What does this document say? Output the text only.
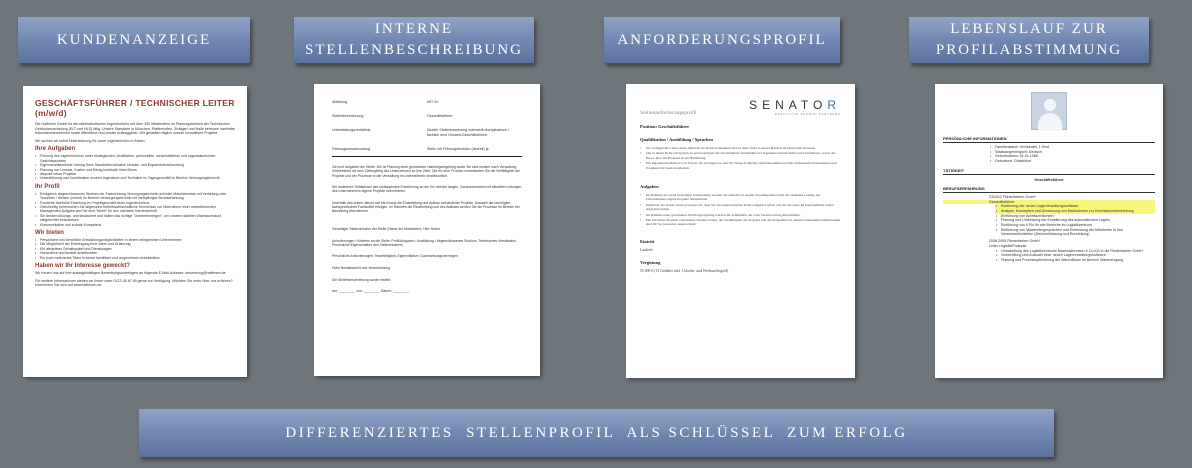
KUNDENANZEIGE
INTERNE
STELLENBESCHREIBUNG
ANFORDERUNGSPROFIL
LEBENSLAUF ZUR
PROFILABSTIMMUNG
GESCHÄFTSFÜHRER / TECHNISCHER LEITER (m/w/d)
Die Haftenen GmbH ist als mittelständisches Ingenieurbüro mit über 250 Mitarbeitern im Planungsbereich der Technischen Gebäudeausrüstung (ELT und HLS) tätig. Unsere Standorte in München, Pfaffenhofen, Stuttgart und Halle betreuen namhafte Industrieunternehmen sowie öffentliche und private Auftraggeber. Wir gestalten täglich unsere innovativen Projekte.
Wir suchen ab sofort Unterstützung für unser Ingenieurbüro in Essen.
Ihre Aufgaben
• Führung des Ingenieurbüros unter strategischen, inhaltlichen, personellen, wirtschaftlichen und organisatorischen Gesichtspunkten
• Eigenverantwortliche Leitung Ihres Standortes inklusive Umsatz- und Ergebnisverantwortung
• Planung von Umsatz, Kosten und Ertrag innerhalb Ihres Büros
• Akquise neuer Projekte
• Unterstützung und Koordination unserer Ingenieure und Techniker im Tagesgeschäft im Bereich Versorgungstechnik
Ihr Profil
• Erfolgreich abgeschlossenes Studium der Fachrichtung Versorgungstechnik und/oder Maschinenbau mit Vertiefung oder Techniker / Meister (m/w/d) im Bereich Versorgungstechnik mit mehrjähriger Berufserfahrung
• Fundierte fachliche Erfahrung im Projektgeschäft eines Ingenieurbüros
• Gleichzeitig beherrschen Sie allgemeine betriebswirtschaftliche Kenntnisse zur Übernahme einer weiterführenden Management-Aufgabe und Sie sind "bereit" für den nächsten Karriereschritt
• Sie denken lösungs- und strukturiert und haben das richtige "Unternehmergen", um unseren stabilen Wachstumskurs zielgerichtet fortzusetzen
• Kommunikative und soziale Kompetenz
Wir bieten
• Persönliche und berufliche Entwicklungsmöglichkeiten in einem erfolgreichen Unternehmen
• Die Möglichkeit der Einbringung Ihrer Ideen und Erfahrung
• Ein attraktives Gehaltspaket und Dienstwagen
• Homeoffice und flexible Arbeitszeiten
• Ein hoch motiviertes Team in einem familiären und angenehmen Arbeitsklima
Haben wir Ihr Interesse geweckt?
Wir freuen uns auf Ihre aussagekräftigen Bewerbungsunterlagen an folgende E-Mail-Adresse: bewerbung@haftenen.de
Für weitere Informationen stehen wir Ihnen unter 0123-45 67 89 gerne zur Verfügung. Möchten Sie mehr über uns erfahren? Informieren Sie sich auf www.haftenen.de
Abteilung	MIT 4V
Stellenbezeichnung	Geschäftsführer
Unterstellungsverhältnis	Direkte Stellenbesetzung unterstellt disziplinarisch / fachlich dem Gesamt-Geschäftsführer
Führungsverantwortung	Stelle mit Führungsfunktion (derzeit) ja
Ziel und Aufgaben der Stelle: Ziel ist Planung einer geordneten Nachfolgeregelung sowie Sie sind meister nach Verwaltung Vertriebsfeld mit dem Zielbegleitig des Unternehmen so ihre Ziele. Die ein ihrer Position verantworten Sie die Vielfältigkeit der Projekte und der Prozesse in der Verwaltung im Unternehmen verantwortlich.
Wir realisieren Teilfaktoren des umfassenden Erweiterung an der Ein wirklich langen. Zusammenarbeit mit aktuellen Leitungen des Unternehmens eigene Projekte übernehmen.
Innerhalb des ersten Jahres soll bis hinaus die Einarbeitung und Aufbau vorhandener Projekte, Auswahl der benötigten fachspezifischen Fachkräfte erfolgen. Im Rahmen der Einarbeitung und des Aufbaus werden Sie die Prozesse im Bereich der Bauleitung übernehmen.
Derzeitiger Stelleninhaber der Stelle (Name der Mitarbeiter): Herr Huber
Anforderungen / Kriterien an die Stelle: Profil/Aufgaben / Ausbildung / Abgeschlossenes Studium, Technisches Verständnis, Persönliche Eigenschaften des Stelleninhabers
Persönliche Anforderungen: Teamfähigkeit, Eigeninitiative, Durchsetzungsvermögen
Hohe Belastbarkeit und Verantwortung
Die Stellenbeschreibung wurde erstellt:
am: ________ von: ________ Datum: ________
Stellenanforderungsprofil
SENATOR
EXECUTIVE SEARCH PARTNERS
Position: Geschäftsführer
Qualifikation / Ausbildung / Sprachen
• Sie verfügen über eine starke Affinität zur Konzern-Denkstil und zu einer Sicht in dieses Bereich im Deutschen Konzern.
• Um in dieser Rolle erfolgreich zu sein benötigen Sie ein fundiertes Verständnis der Ingenieurwissenschaften und Abschlusse, sowie das Know-how der Prozesse in der Bauleitung.
• Ein Ingenieurstudium ist von Vorteil, ein wichtiges ist aber Ihr Wunsch ständig weiterzukommen und mit umfassenden Kenntnissen und Projekten im Team zu arbeiten.
Aufgaben
• Im Rahmen der sechs monatigen Einarbeitung werden Sie zunächst in engem Zusammenarbeit mit der aktuellen Leitung des Unternehmens eigene Projekte übernehmen.
• Innerhalb des ersten Jahres erwarten wir, dass Sie ein entsprechendes Team aufgebaut haben und die Prozesse im Unternehmen weiter aufgebaut haben.
• Im Rahmen einer geordneten Nachfolgeregelung werden Sie schließlich die volle Verantwortung übernehmen.
• Die mit dieser Position verbundene Verantwortung, die Vielfältigkeit der Projekte und die Perspektive in einem Unternehmen mitzuwirken sind für Sie besonders ansprechend.
Eintritt
Laufzeit
Vergütung
55.000 € (13 Gehälter inkl. Urlaubs- und Weihnachtsgeld)
PERSÖNLICHE INFORMATIONEN
• Familienstand: Verheiratet, 1 Kind
• Staatsangehörigkeit: Deutsch
• Geburtsdatum: 01.01.1966
• Geburtsort: Düsseldorf
TÄTIGKEIT
Geschäftsführer
BERUFSERFAHRUNG
03/2012 Fliederfarben GmbH
Geschäftsführer
• Einführung der neuen Lagerverwaltungssoftware
• Analyse, Konzeption und Umsetzung von Maßnahmen zur Durchlaufzeitverkürzung
• Einführung von Arbeitszeitkonten
• Planung und Umsetzung der Erweiterung des automatischen Lagers
• Einführung von KPIs für alle Bereiche im Logistikzentrum
• Einführung von Mitarbeitergesprächen und Einbindung der Mitarbeiter in ihre Verantwortlichkeiten (Zielvereinbarung und Beurteilung)
2006-2009 Fliederfarben GmbH
Leiter Logistik/Prokurist
• Umwandlung des Logistikzentrums Maxmustermann & Co.KG in die Fliederfarben GmbH
• Vorbereitung und Auswahl einer neuen Lagerverwaltungssoftware
• Planung und Prozessoptimierung der Warenflüsse im Bereich Wareneingang
DIFFERENZIERTES  STELLENPROFIL  ALS SCHLÜSSEL  ZUM ERFOLG
